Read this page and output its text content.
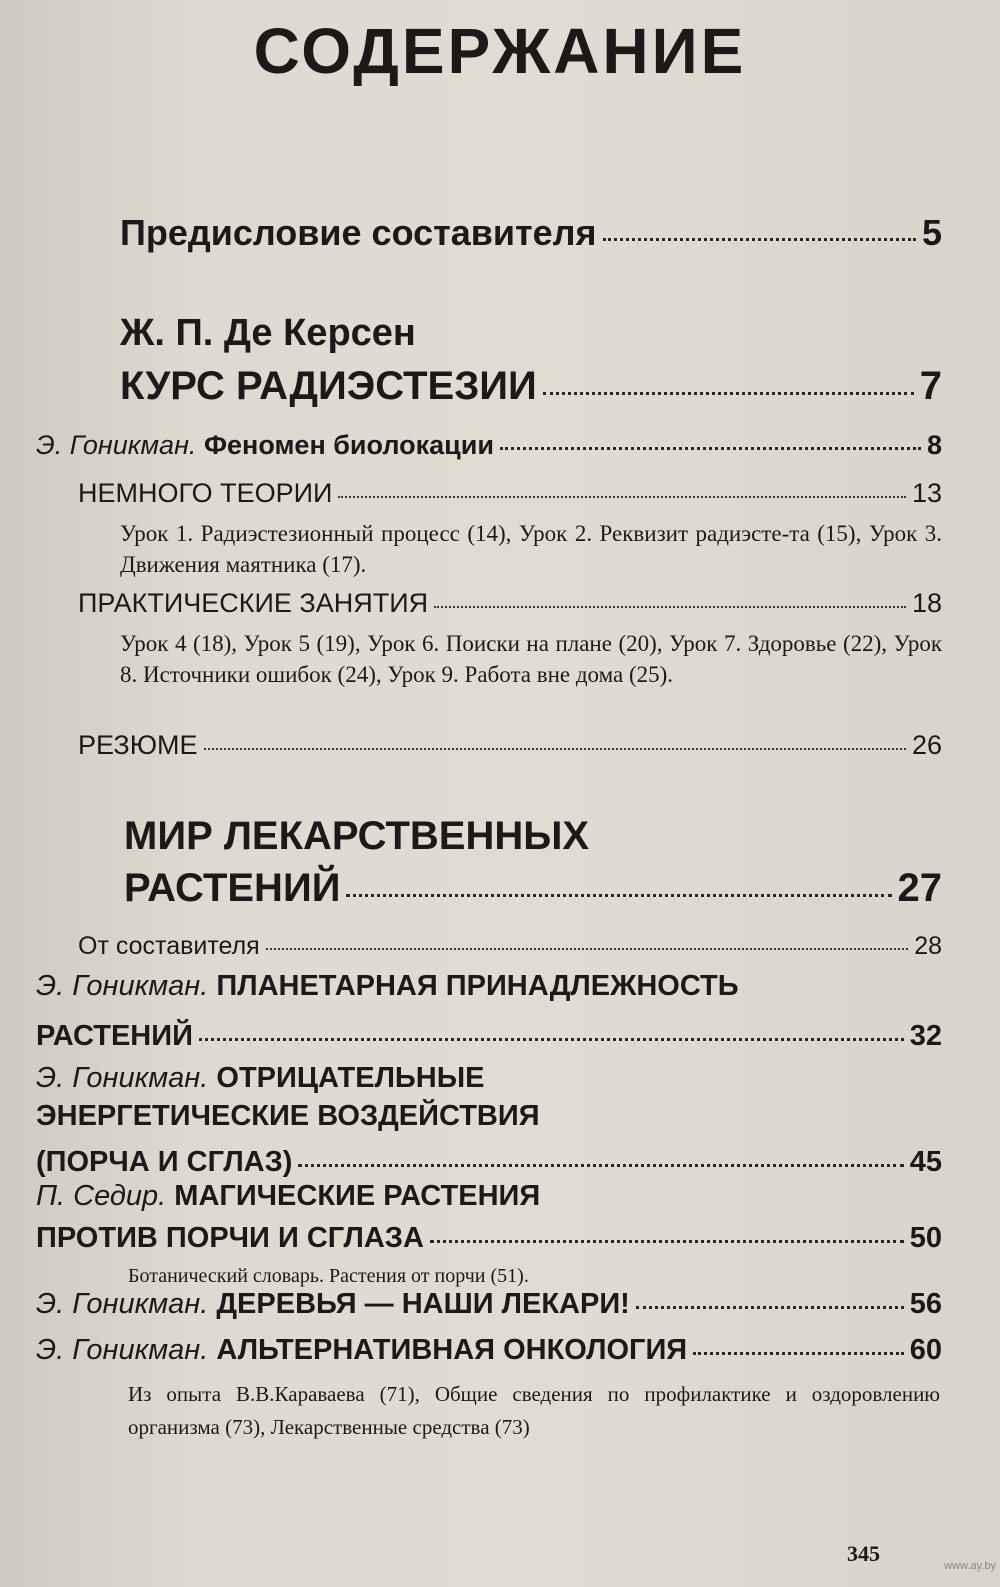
СОДЕРЖАНИЕ
Предисловие составителя	5
Ж. П. Де Керсен
КУРС РАДИЭСТЕЗИИ	7
Э. Гоникман.
Феномен биолокации	8
НЕМНОГО ТЕОРИИ	13
Урок 1. Радиэстезионный процесс (14), Урок 2. Реквизит радиэсте-та (15), Урок 3. Движения маятника (17).
ПРАКТИЧЕСКИЕ ЗАНЯТИЯ	18
Урок 4 (18), Урок 5 (19), Урок 6. Поиски на плане (20), Урок 7. Здоровье (22), Урок 8. Источники ошибок (24), Урок 9. Работа вне дома (25).
РЕЗЮМЕ	26
МИР ЛЕКАРСТВЕННЫХ
РАСТЕНИЙ	27
От составителя	28
Э. Гоникман. ПЛАНЕТАРНАЯ ПРИНАДЛЕЖНОСТЬ
РАСТЕНИЙ	32
Э. Гоникман. ОТРИЦАТЕЛЬНЫЕ
ЭНЕРГЕТИЧЕСКИЕ ВОЗДЕЙСТВИЯ
(ПОРЧА И СГЛАЗ)	45
П. Седир. МАГИЧЕСКИЕ РАСТЕНИЯ
ПРОТИВ ПОРЧИ И СГЛАЗА	50
Ботанический словарь. Растения от порчи (51).
Э. Гоникман.
ДЕРЕВЬЯ — НАШИ ЛЕКАРИ!	56
Э. Гоникман.
АЛЬТЕРНАТИВНАЯ ОНКОЛОГИЯ	60
Из опыта В.В.Караваева (71), Общие сведения по профилактике и оздоровлению организма (73), Лекарственные средства (73)
345	www.ay.by
